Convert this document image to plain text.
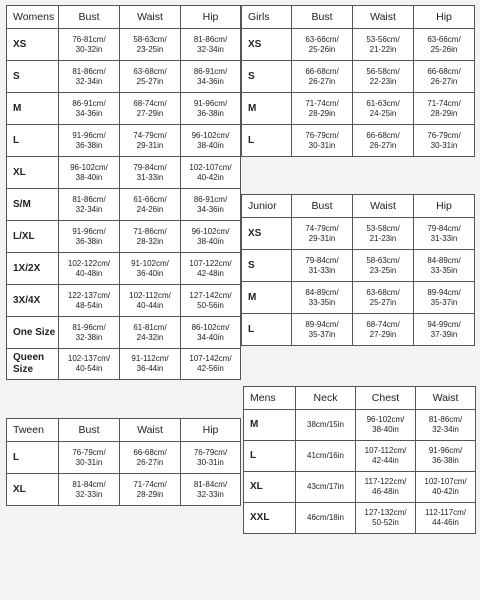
Womens	Bust	Waist	Hip

XS	76-81cm/
30-32in	58-63cm/
23-25in	81-86cm/
32-34in

S	81-86cm/
32-34in	63-68cm/
25-27in	86-91cm/
34-36in

M	86-91cm/
34-36in	68-74cm/
27-29in	91-96cm/
36-38in

L	91-96cm/
36-38in	74-79cm/
29-31in	96-102cm/
38-40in

XL	96-102cm/
38-40in	79-84cm/
31-33in	102-107cm/
40-42in

S/M	81-86cm/
32-34in	61-66cm/
24-26in	86-91cm/
34-36in

L/XL	91-96cm/
36-38in	71-86cm/
28-32in	96-102cm/
38-40in

1X/2X	102-122cm/
40-48in	91-102cm/
36-40in	107-122cm/
42-48in

3X/4X	122-137cm/
48-54in	102-112cm/
40-44in	127-142cm/
50-56in

One Size	81-96cm/
32-38in	61-81cm/
24-32in	86-102cm/
34-40in

Queen
Size	102-137cm/
40-54in	91-112cm/
36-44in	107-142cm/
42-56in
Girls	Bust	Waist	Hip

XS	63-66cm/
25-26in	53-56cm/
21-22in	63-66cm/
25-26in

S	66-68cm/
26-27in	56-58cm/
22-23in	66-68cm/
26-27in

M	71-74cm/
28-29in	61-63cm/
24-25in	71-74cm/
28-29in

L	76-79cm/
30-31in	66-68cm/
26-27in	76-79cm/
30-31in
Junior	Bust	Waist	Hip

XS	74-79cm/
29-31in	53-58cm/
21-23in	79-84cm/
31-33in

S	79-84cm/
31-33in	58-63cm/
23-25in	84-89cm/
33-35in

M	84-89cm/
33-35in	63-68cm/
25-27in	89-94cm/
35-37in

L	89-94cm/
35-37in	68-74cm/
27-29in	94-99cm/
37-39in
Tween	Bust	Waist	Hip

L	76-79cm/
30-31in	66-68cm/
26-27in	76-79cm/
30-31in

XL	81-84cm/
32-33in	71-74cm/
28-29in	81-84cm/
32-33in
Mens	Neck	Chest	Waist

M	38cm/15in	96-102cm/
38-40in	81-86cm/
32-34in

L	41cm/16in	107-112cm/
42-44in	91-96cm/
36-38in

XL	43cm/17in	117-122cm/
46-48in	102-107cm/
40-42in

XXL	46cm/18in	127-132cm/
50-52in	112-117cm/
44-46in
